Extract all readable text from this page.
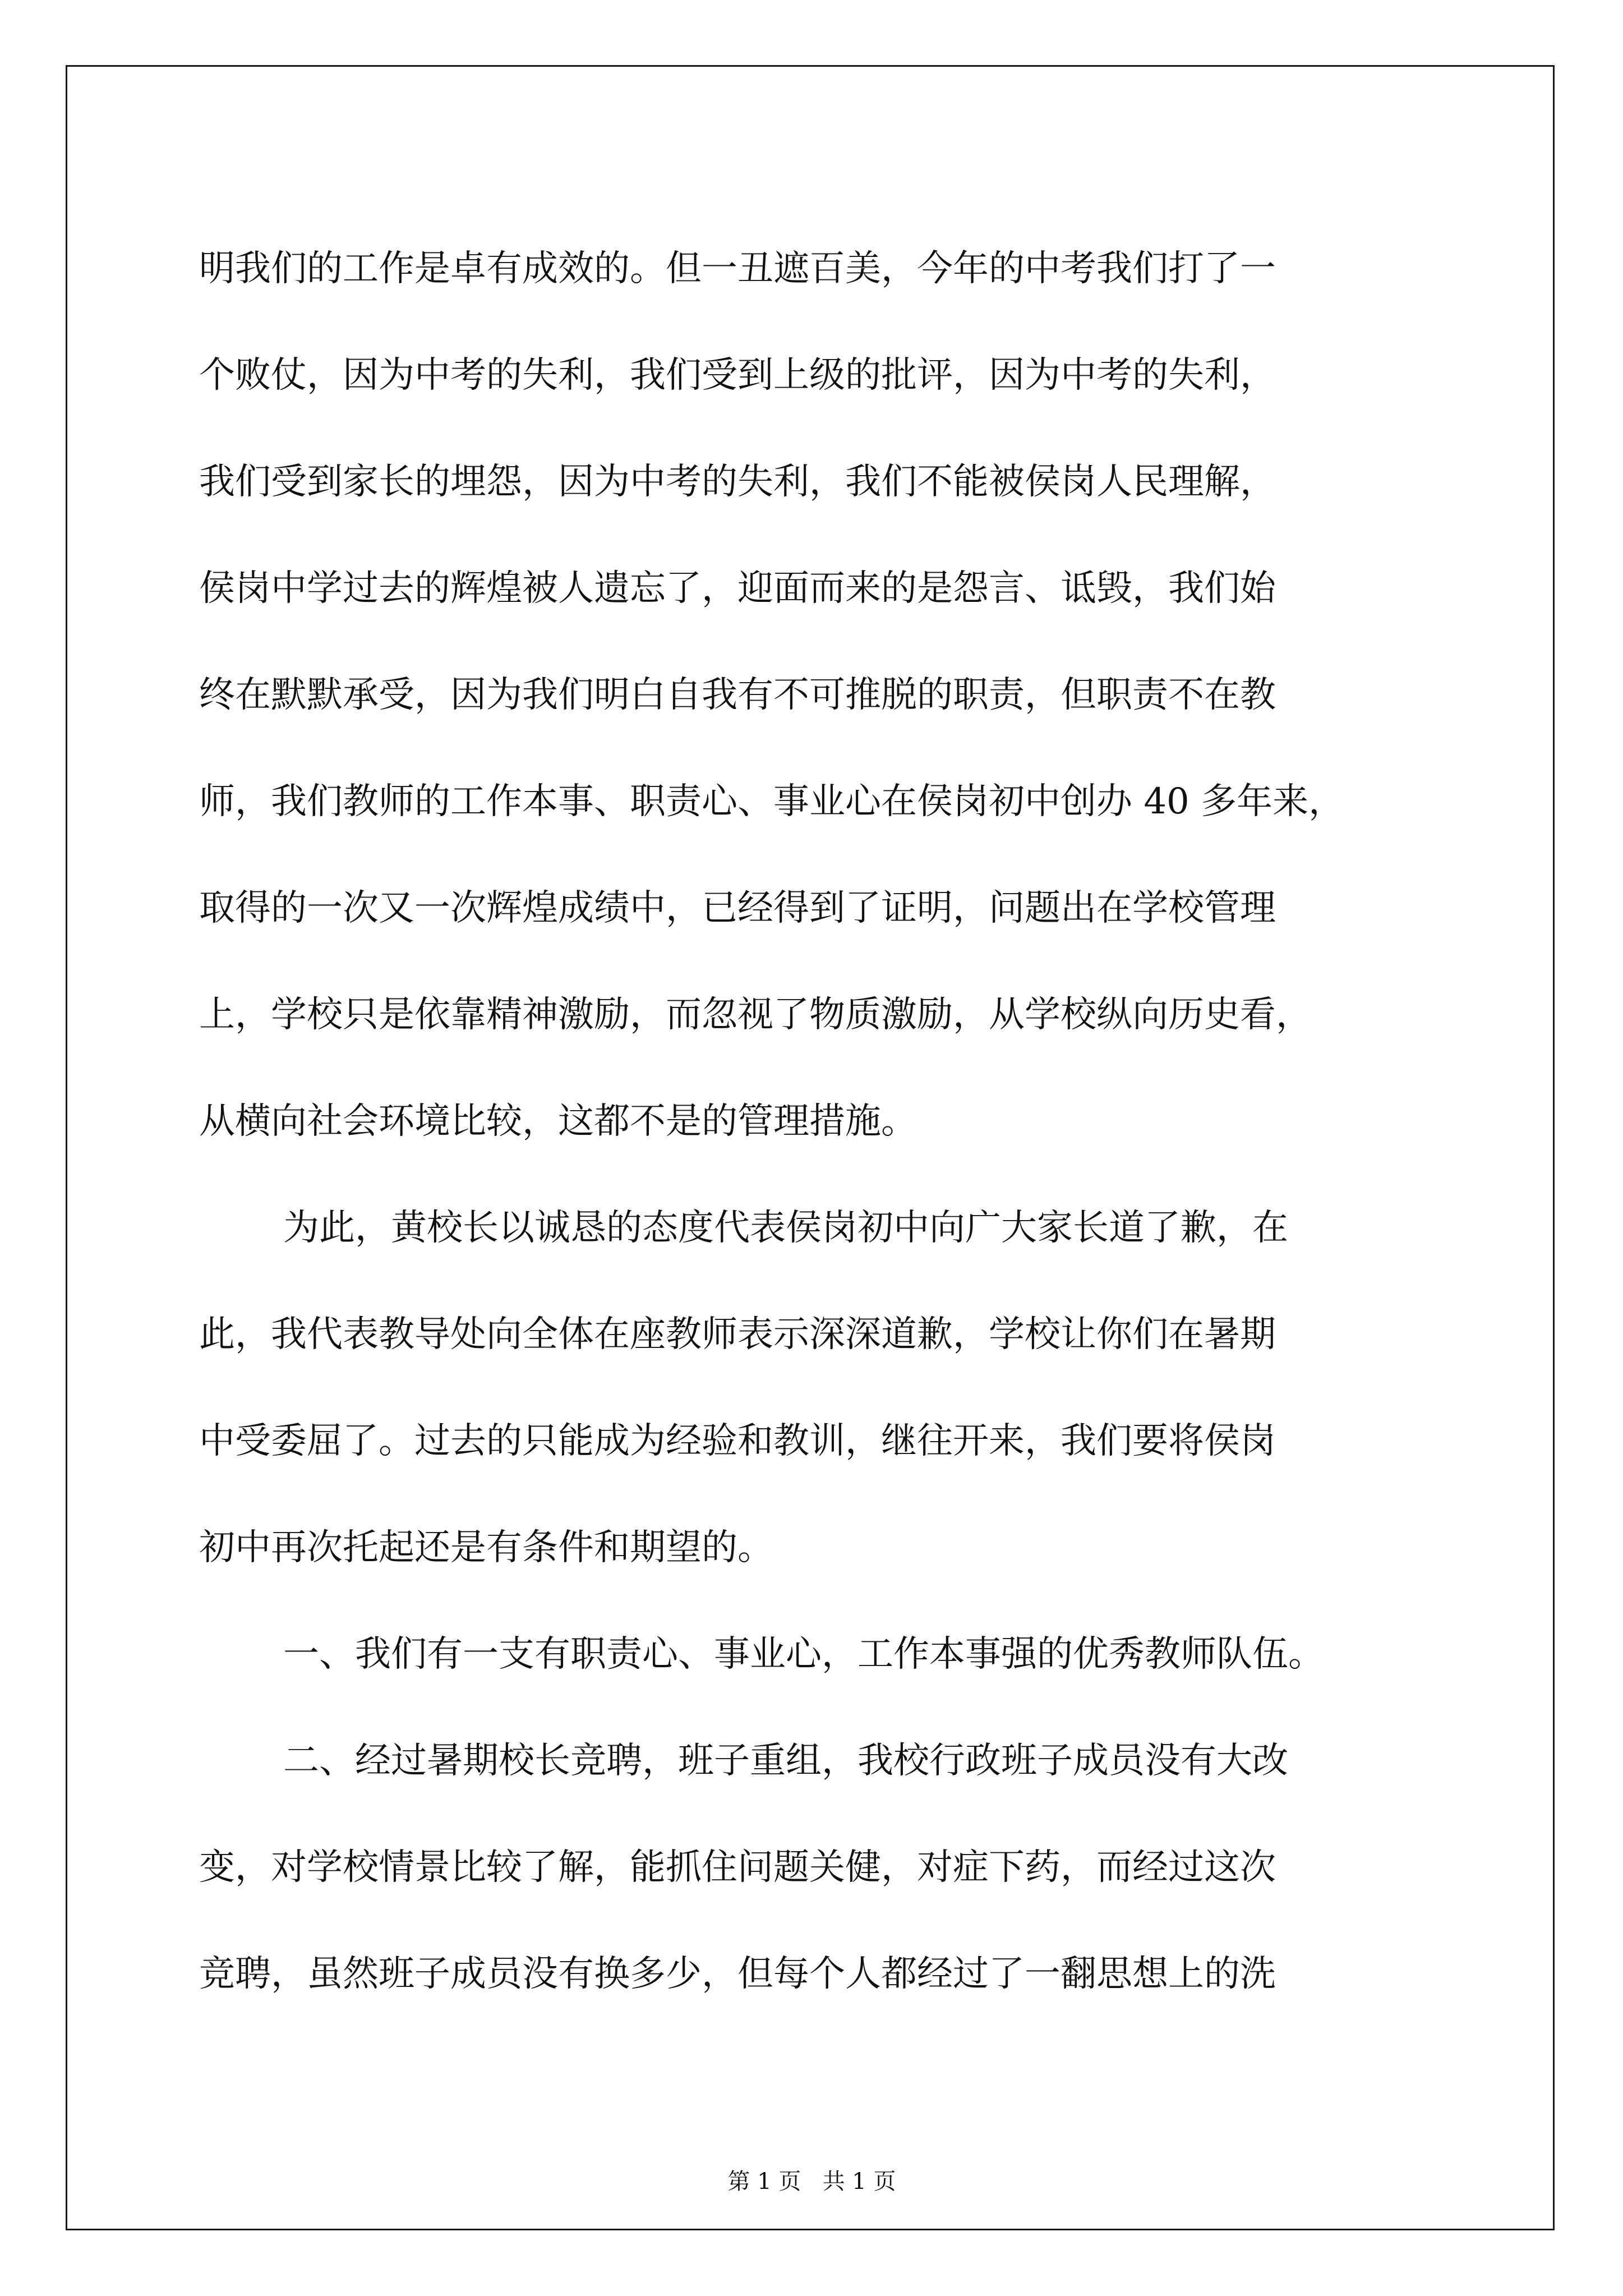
明我们的工作是卓有成效的。但一丑遮百美，今年的中考我们打了一
个败仗，因为中考的失利，我们受到上级的批评，因为中考的失利，
我们受到家长的埋怨，因为中考的失利，我们不能被侯岗人民理解，
侯岗中学过去的辉煌被人遗忘了，迎面而来的是怨言、诋毁，我们始
终在默默承受，因为我们明白自我有不可推脱的职责，但职责不在教
师，我们教师的工作本事、职责心、事业心在侯岗初中创办 40 多年来，
取得的一次又一次辉煌成绩中，已经得到了证明，问题出在学校管理
上，学校只是依靠精神激励，而忽视了物质激励，从学校纵向历史看，
从横向社会环境比较，这都不是的管理措施。
为此，黄校长以诚恳的态度代表侯岗初中向广大家长道了歉，在
此，我代表教导处向全体在座教师表示深深道歉，学校让你们在暑期
中受委屈了。过去的只能成为经验和教训，继往开来，我们要将侯岗
初中再次托起还是有条件和期望的。
一、我们有一支有职责心、事业心，工作本事强的优秀教师队伍。
二、经过暑期校长竞聘，班子重组，我校行政班子成员没有大改
变，对学校情景比较了解，能抓住问题关健，对症下药，而经过这次
竞聘，虽然班子成员没有换多少，但每个人都经过了一翻思想上的洗
第 1 页   共 1 页
